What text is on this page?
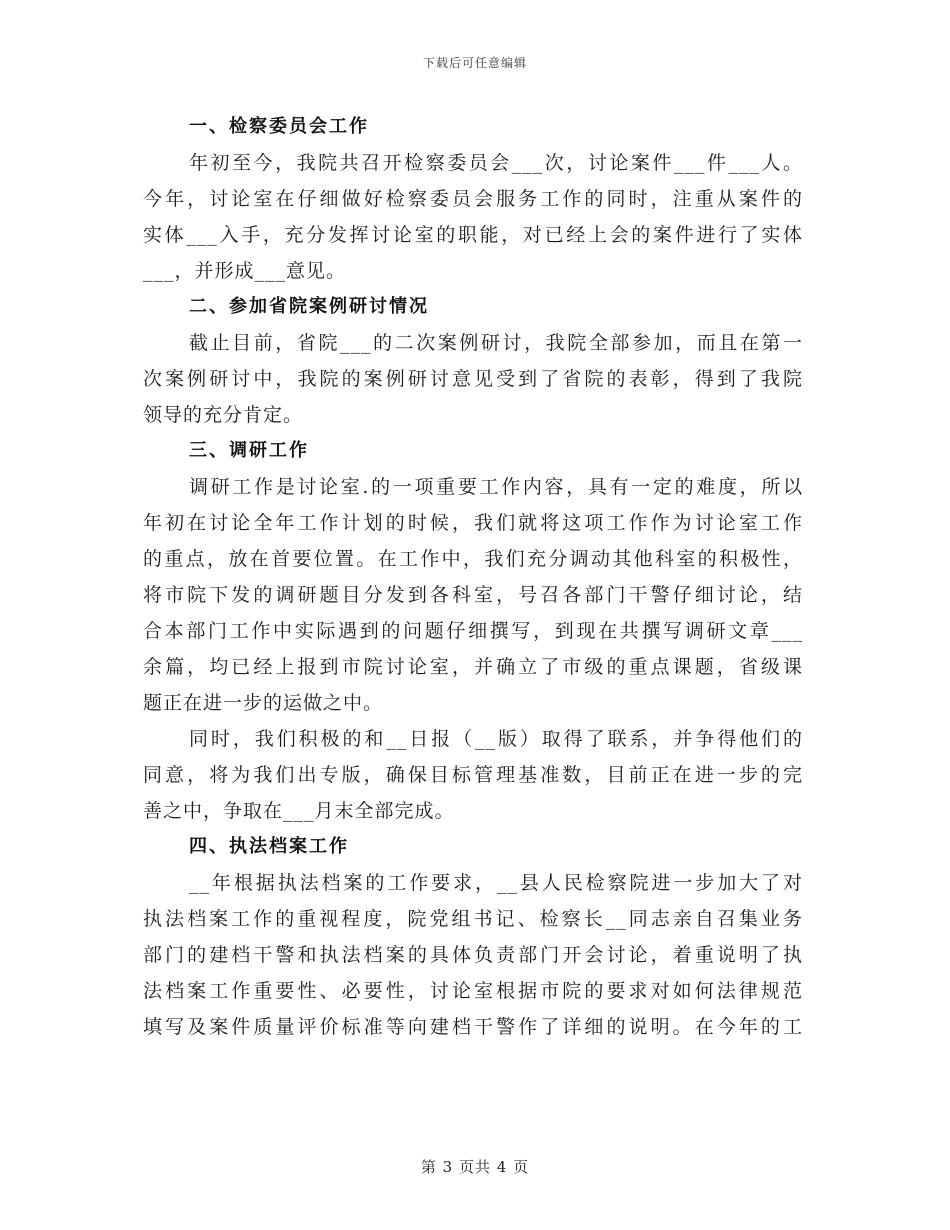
下载后可任意编辑
一、检察委员会工作
年初至今，我院共召开检察委员会___次，讨论案件___件___人。
今年，讨论室在仔细做好检察委员会服务工作的同时，注重从案件的
实体___入手，充分发挥讨论室的职能，对已经上会的案件进行了实体
___，并形成___意见。
二、参加省院案例研讨情况
截止目前，省院___的二次案例研讨，我院全部参加，而且在第一
次案例研讨中，我院的案例研讨意见受到了省院的表彰，得到了我院
领导的充分肯定。
三、调研工作
调研工作是讨论室.的一项重要工作内容，具有一定的难度，所以
年初在讨论全年工作计划的时候，我们就将这项工作作为讨论室工作
的重点，放在首要位置。在工作中，我们充分调动其他科室的积极性，
将市院下发的调研题目分发到各科室，号召各部门干警仔细讨论，结
合本部门工作中实际遇到的问题仔细撰写，到现在共撰写调研文章___
余篇，均已经上报到市院讨论室，并确立了市级的重点课题，省级课
题正在进一步的运做之中。
同时，我们积极的和__日报（__版）取得了联系，并争得他们的
同意，将为我们出专版，确保目标管理基准数，目前正在进一步的完
善之中，争取在___月末全部完成。
四、执法档案工作
__年根据执法档案的工作要求，__县人民检察院进一步加大了对
执法档案工作的重视程度，院党组书记、检察长__同志亲自召集业务
部门的建档干警和执法档案的具体负责部门开会讨论，着重说明了执
法档案工作重要性、必要性，讨论室根据市院的要求对如何法律规范
填写及案件质量评价标准等向建档干警作了详细的说明。在今年的工
第 3 页共 4 页
